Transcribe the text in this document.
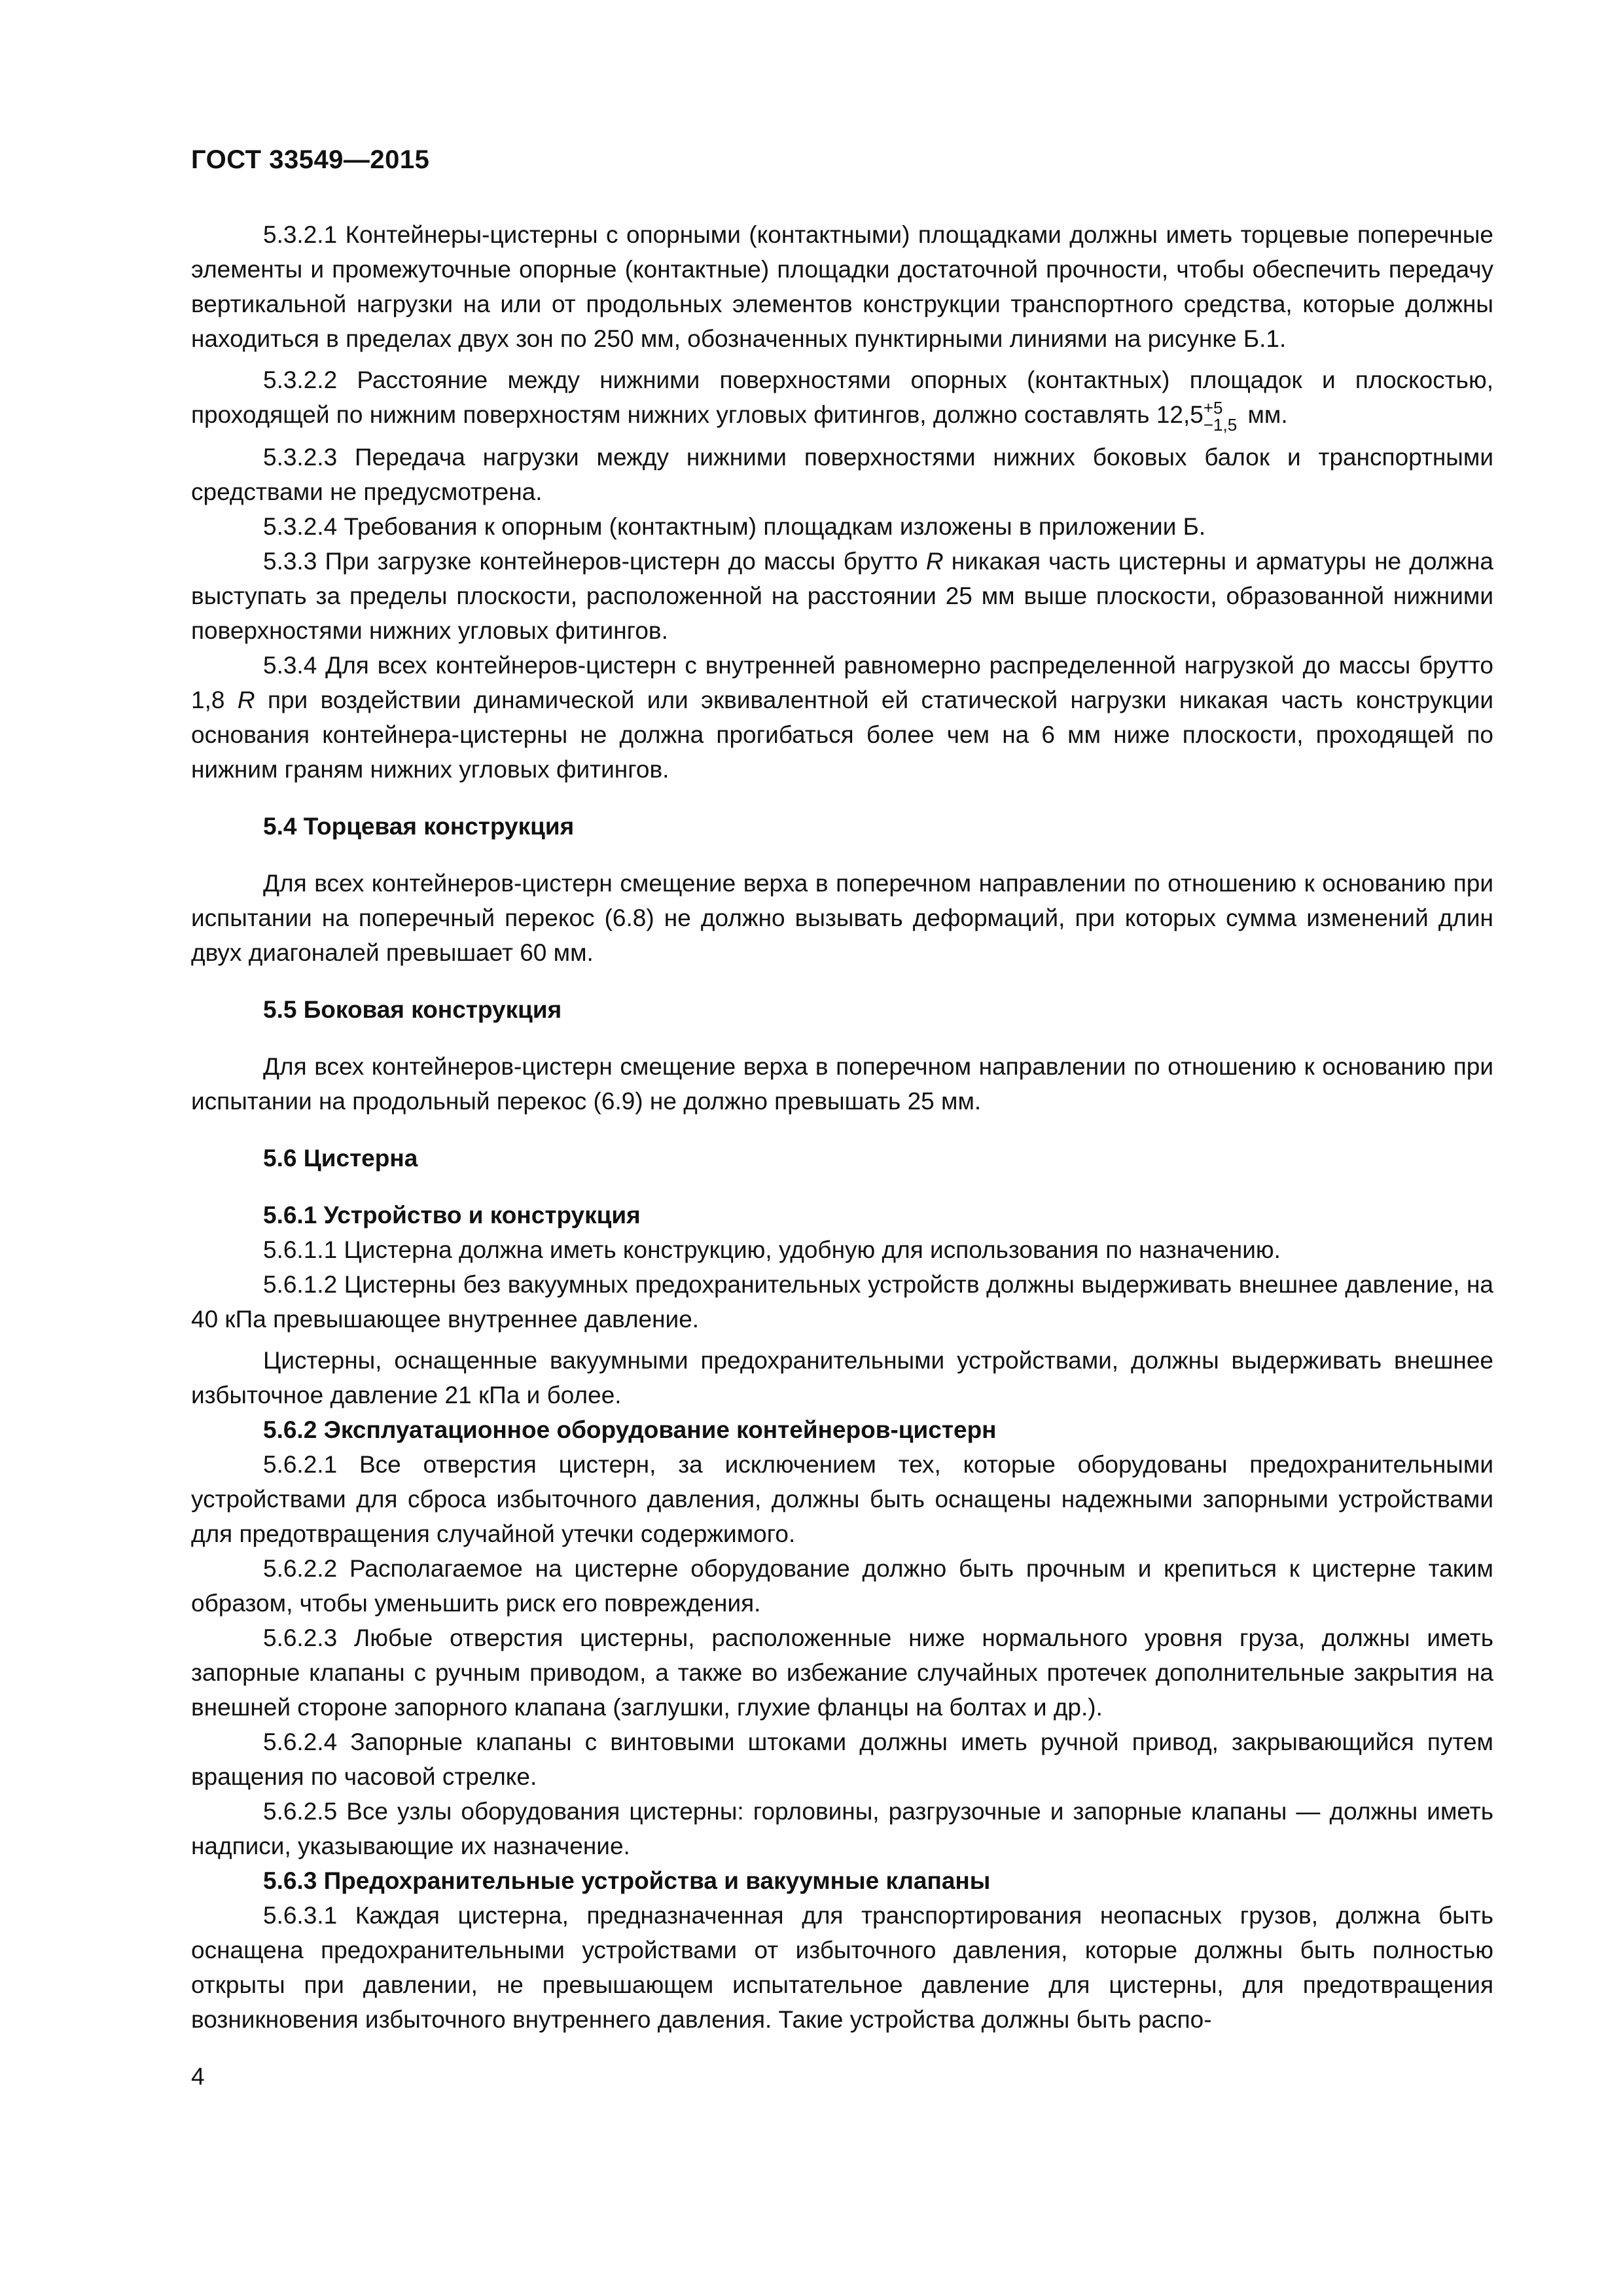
ГОСТ 33549—2015

5.3.2.1 Контейнеры-цистерны с опорными (контактными) площадками должны иметь торцевые поперечные элементы и промежуточные опорные (контактные) площадки достаточной прочности, чтобы обеспечить передачу вертикальной нагрузки на или от продольных элементов конструкции транспортного средства, которые должны находиться в пределах двух зон по 250 мм, обозначенных пунктирными линиями на рисунке Б.1.

5.3.2.2 Расстояние между нижними поверхностями опорных (контактных) площадок и плоскостью, проходящей по нижним поверхностям нижних угловых фитингов, должно составлять 12,5 +5
−1,5 мм.

5.3.2.3 Передача нагрузки между нижними поверхностями нижних боковых балок и транспортными средствами не предусмотрена.

5.3.2.4 Требования к опорным (контактным) площадкам изложены в приложении Б.

5.3.3 При загрузке контейнеров-цистерн до массы брутто R никакая часть цистерны и арматуры не должна выступать за пределы плоскости, расположенной на расстоянии 25 мм выше плоскости, образованной нижними поверхностями нижних угловых фитингов.

5.3.4 Для всех контейнеров-цистерн с внутренней равномерно распределенной нагрузкой до массы брутто 1,8 R при воздействии динамической или эквивалентной ей статической нагрузки никакая часть конструкции основания контейнера-цистерны не должна прогибаться более чем на 6 мм ниже плоскости, проходящей по нижним граням нижних угловых фитингов.

5.4 Торцевая конструкция

Для всех контейнеров-цистерн смещение верха в поперечном направлении по отношению к основанию при испытании на поперечный перекос (6.8) не должно вызывать деформаций, при которых сумма изменений длин двух диагоналей превышает 60 мм.

5.5 Боковая конструкция

Для всех контейнеров-цистерн смещение верха в поперечном направлении по отношению к основанию при испытании на продольный перекос (6.9) не должно превышать 25 мм.

5.6 Цистерна
5.6.1 Устройство и конструкция

5.6.1.1 Цистерна должна иметь конструкцию, удобную для использования по назначению.

5.6.1.2 Цистерны без вакуумных предохранительных устройств должны выдерживать внешнее давление, на 40 кПа превышающее внутреннее давление.

Цистерны, оснащенные вакуумными предохранительными устройствами, должны выдерживать внешнее избыточное давление 21 кПа и более.

5.6.2 Эксплуатационное оборудование контейнеров-цистерн

5.6.2.1 Все отверстия цистерн, за исключением тех, которые оборудованы предохранительными устройствами для сброса избыточного давления, должны быть оснащены надежными запорными устройствами для предотвращения случайной утечки содержимого.

5.6.2.2 Располагаемое на цистерне оборудование должно быть прочным и крепиться к цистерне таким образом, чтобы уменьшить риск его повреждения.

5.6.2.3 Любые отверстия цистерны, расположенные ниже нормального уровня груза, должны иметь запорные клапаны с ручным приводом, а также во избежание случайных протечек дополнительные закрытия на внешней стороне запорного клапана (заглушки, глухие фланцы на болтах и др.).

5.6.2.4 Запорные клапаны с винтовыми штоками должны иметь ручной привод, закрывающийся путем вращения по часовой стрелке.

5.6.2.5 Все узлы оборудования цистерны: горловины, разгрузочные и запорные клапаны — должны иметь надписи, указывающие их назначение.

5.6.3 Предохранительные устройства и вакуумные клапаны

5.6.3.1 Каждая цистерна, предназначенная для транспортирования неопасных грузов, должна быть оснащена предохранительными устройствами от избыточного давления, которые должны быть полностью открыты при давлении, не превышающем испытательное давление для цистерны, для предотвращения возникновения избыточного внутреннего давления. Такие устройства должны быть распо-

4
